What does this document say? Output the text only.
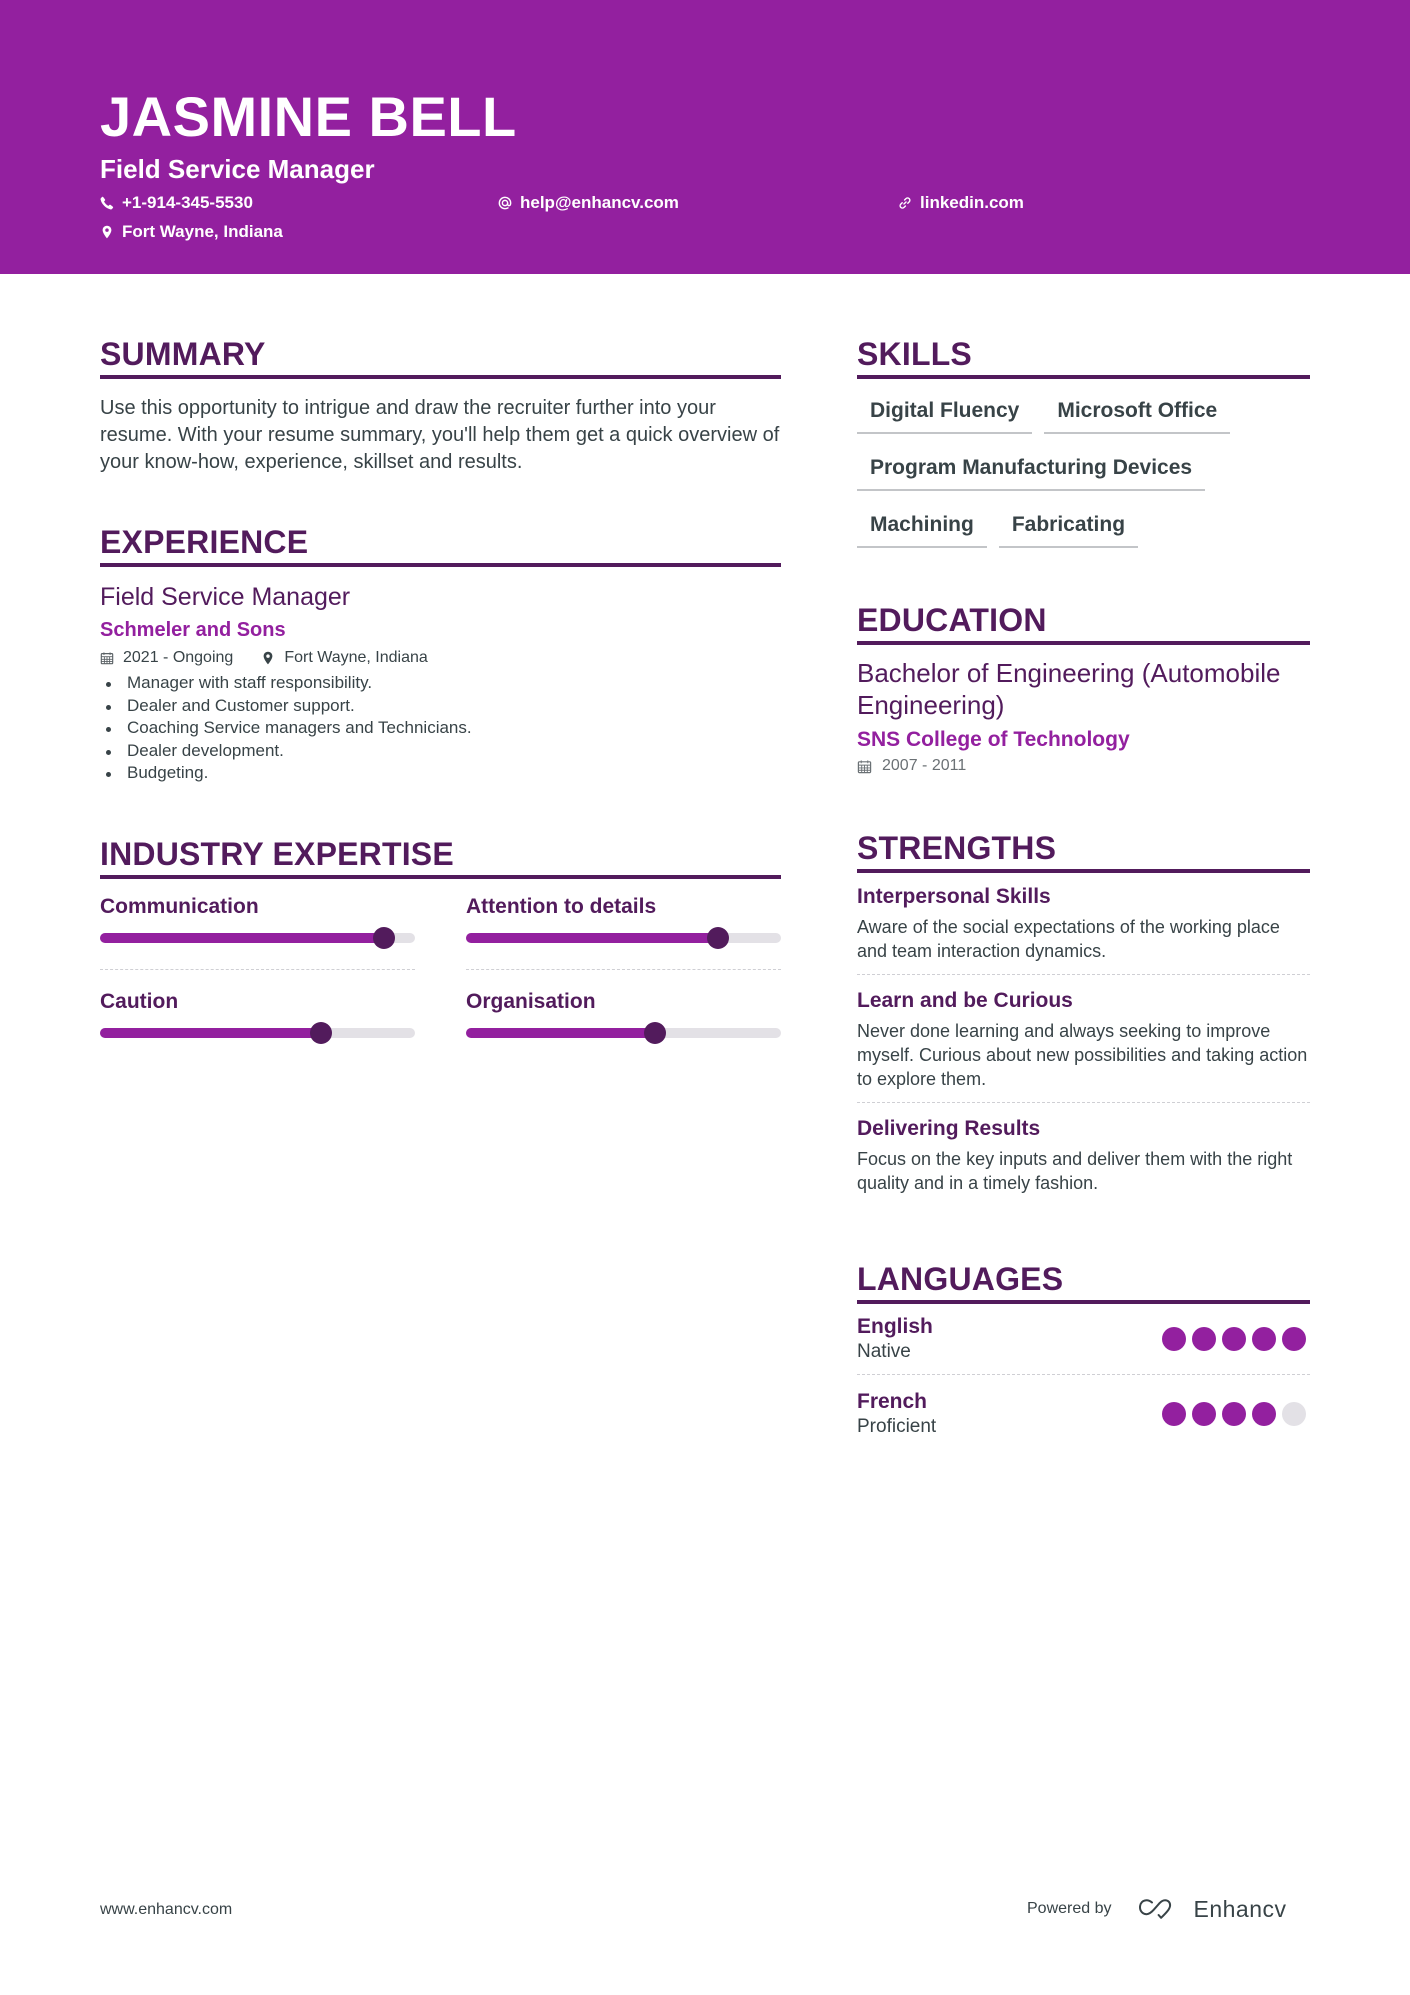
JASMINE BELL
Field Service Manager
+1-914-345-5530	help@enhancv.com	linkedin.com
Fort Wayne, Indiana
SUMMARY
Use this opportunity to intrigue and draw the recruiter further into your resume. With your resume summary, you'll help them get a quick overview of your know-how, experience, skillset and results.
EXPERIENCE
Field Service Manager
Schmeler and Sons
2021 - Ongoing	Fort Wayne, Indiana
Manager with staff responsibility.
Dealer and Customer support.
Coaching Service managers and Technicians.
Dealer development.
Budgeting.
INDUSTRY EXPERTISE
Communication	Attention to details
Caution	Organisation
SKILLS
Digital Fluency	Microsoft Office
Program Manufacturing Devices
Machining	Fabricating
EDUCATION
Bachelor of Engineering (Automobile Engineering)
SNS College of Technology
2007 - 2011
STRENGTHS
Interpersonal Skills
Aware of the social expectations of the working place and team interaction dynamics.
Learn and be Curious
Never done learning and always seeking to improve myself. Curious about new possibilities and taking action to explore them.
Delivering Results
Focus on the key inputs and deliver them with the right quality and in a timely fashion.
LANGUAGES
English
Native
French
Proficient
www.enhancv.com	Powered by	Enhancv
